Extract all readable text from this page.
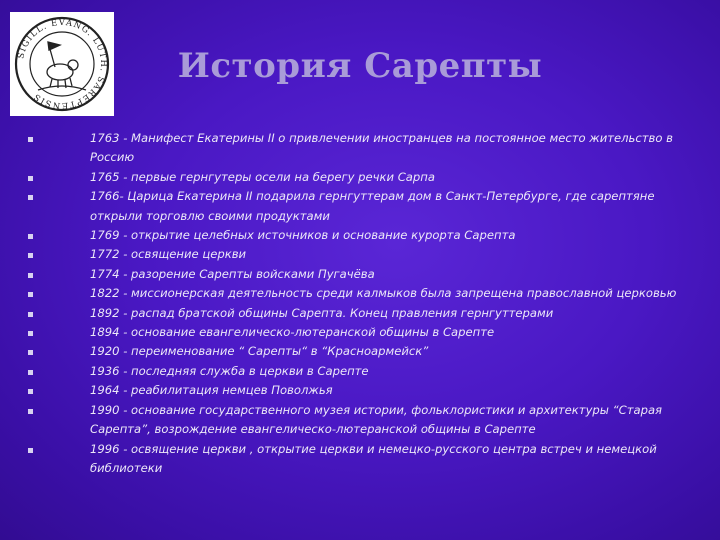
SIGILL. EVANG. LUTH. SAREPTENSIS
История Сарепты
1763 - Манифест Екатерины II о привлечении иностранцев на постоянное место жительство в Россию
1765 - первые гернгутеры осели на берегу речки Сарпа
1766- Царица Екатерина II подарила гернгуттерам дом в Санкт-Петербурге, где сарептяне открыли торговлю своими продуктами
1769 - открытие целебных источников и основание курорта Сарепта
1772 - освящение церкви
1774 - разорение Сарепты войсками Пугачёва
1822 - миссионерская деятельность среди калмыков была запрещена православной церковью
1892 - распад братской общины Сарепта. Конец правления гернгуттерами
1894 - основание евангелическо-лютеранской общины в Сарепте
1920 - переименование “ Сарепты“ в “Красноармейск”
1936 - последняя служба в церкви в Сарепте
1964 - реабилитация немцев Поволжья
1990 - основание государственного музея истории, фольклористики и архитектуры “Старая Сарепта”, возрождение евангелическо-лютеранской общины в Сарепте
1996 - освящение церкви , открытие церкви и немецко-русского центра встреч и немецкой библиотеки
